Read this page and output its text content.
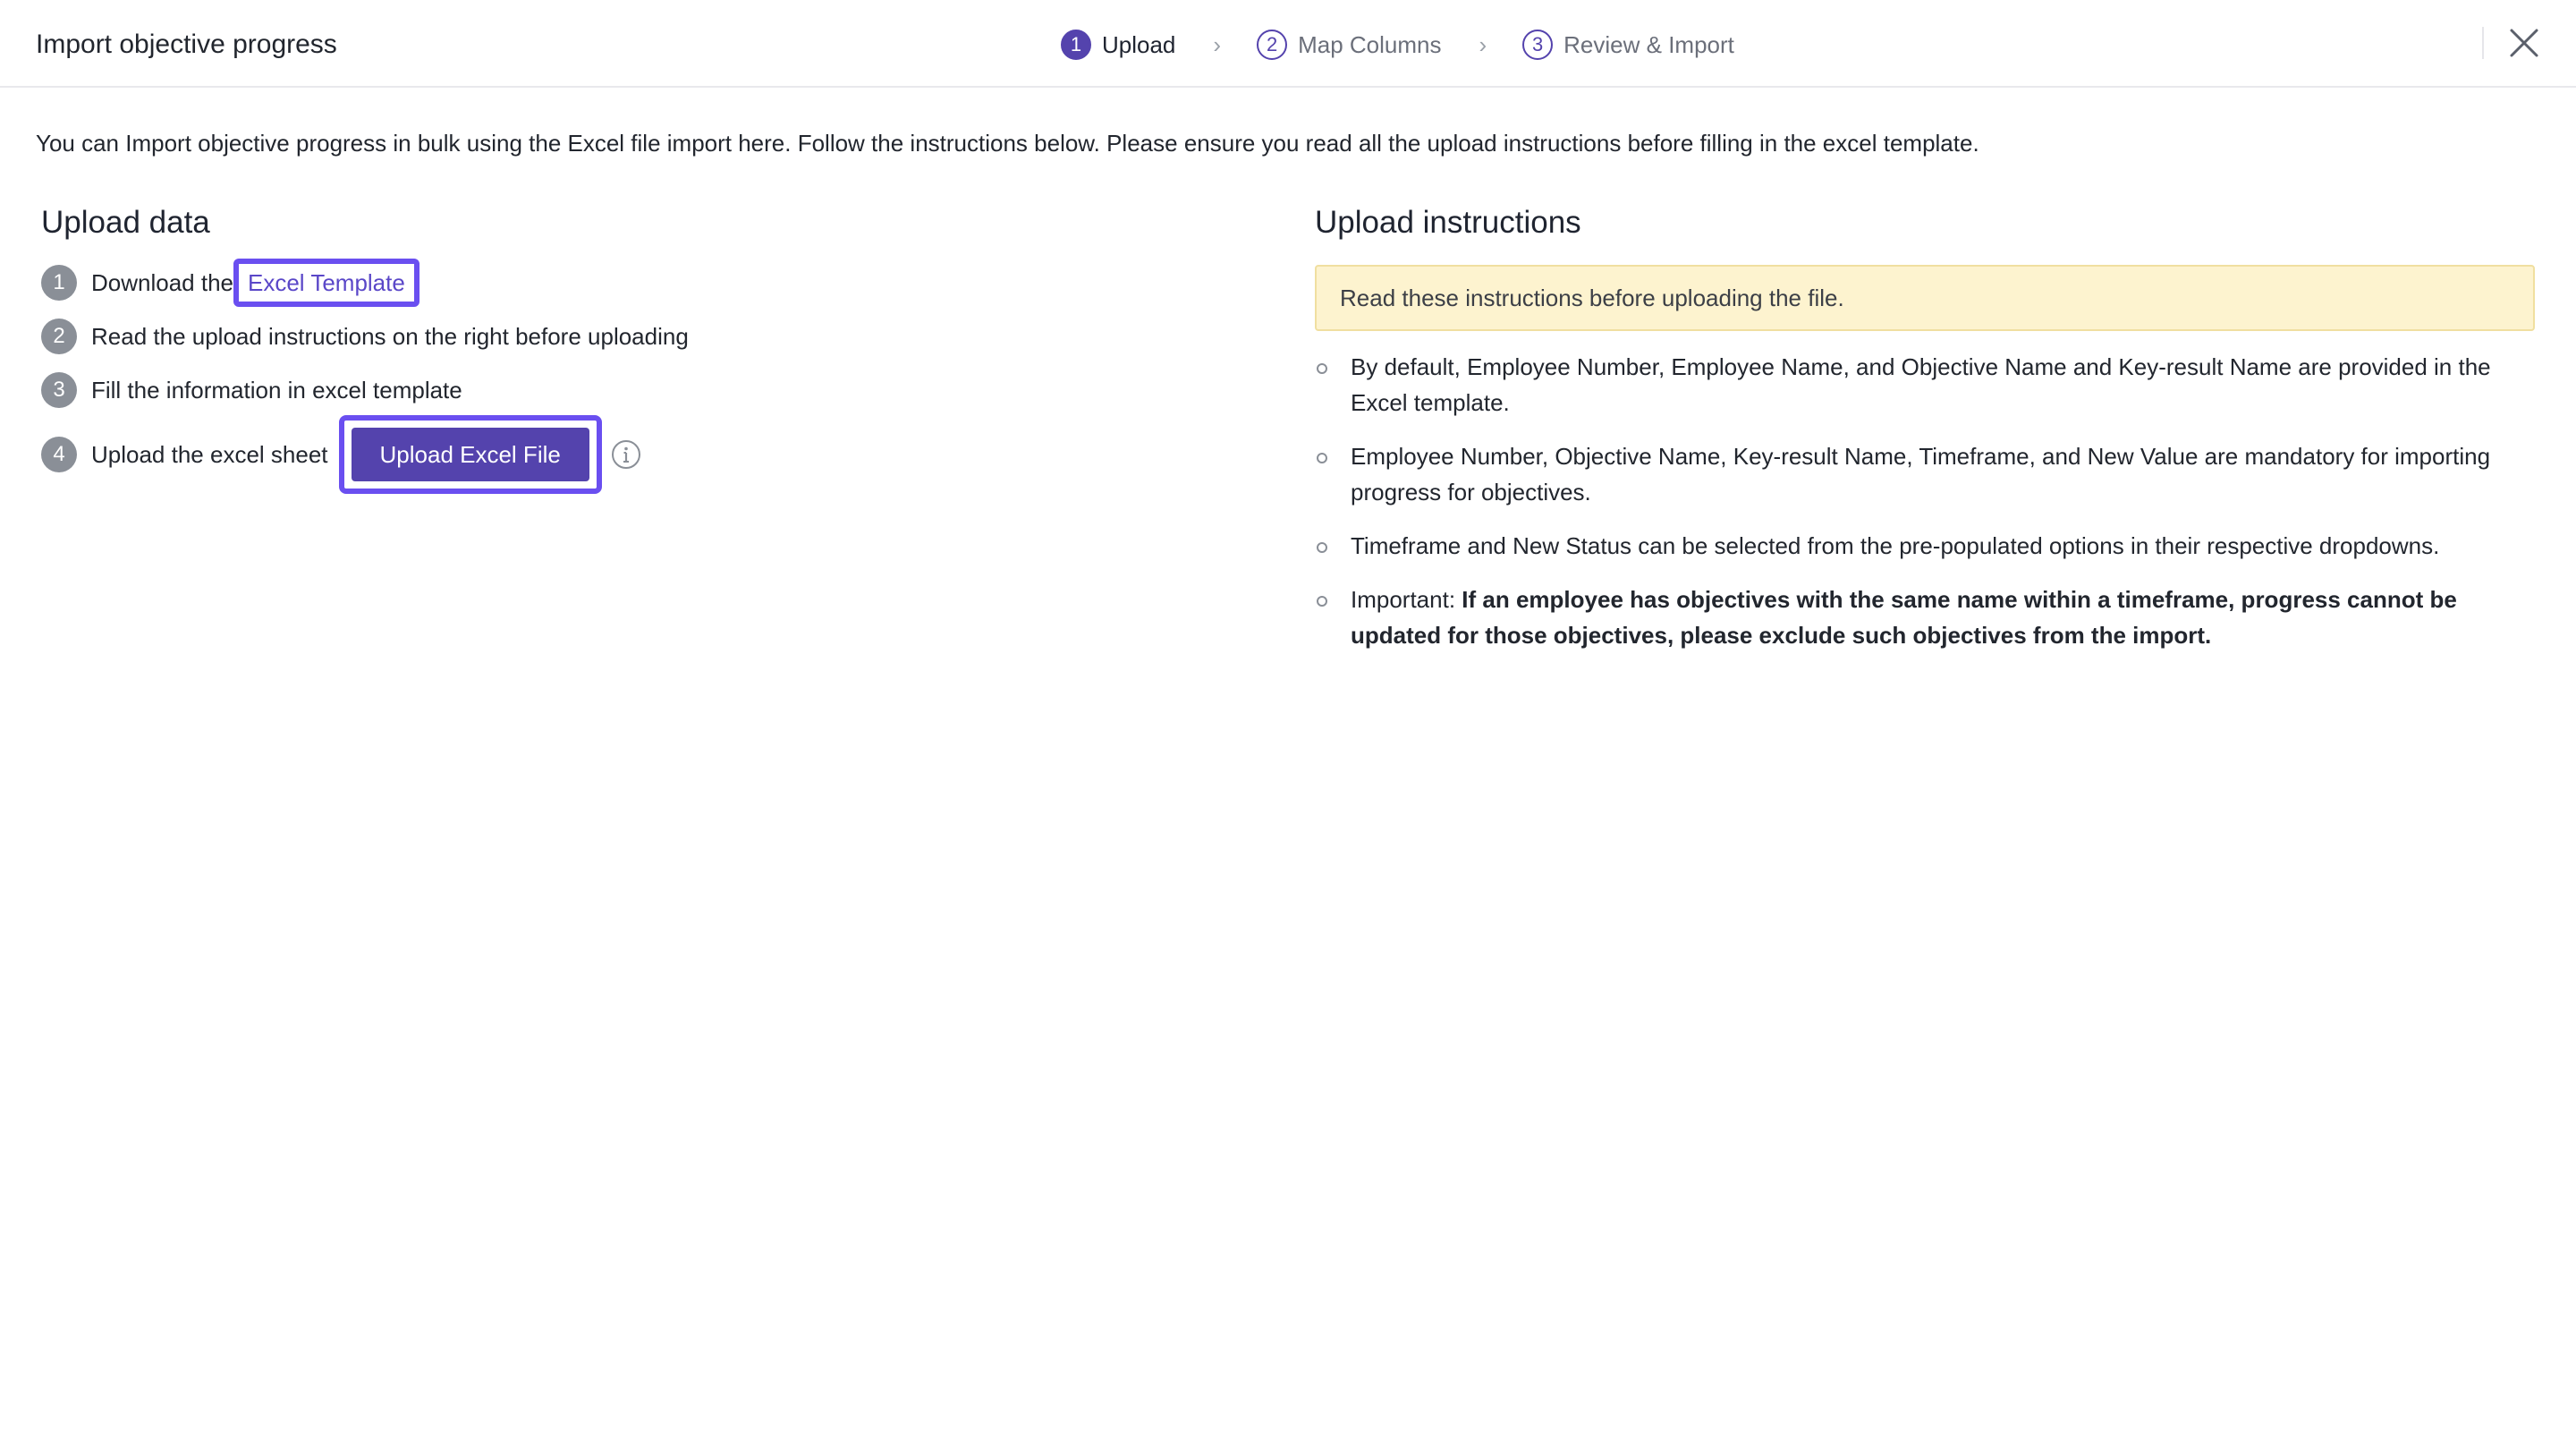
Import objective progress	1 Upload ›	2 Map Columns ›	3 Review & Import
You can Import objective progress in bulk using the Excel file import here. Follow the instructions below. Please ensure you read all the upload instructions before filling in the excel template.
Upload data
1	Download the Excel Template
2	Read the upload instructions on the right before uploading
3	Fill the information in excel template
4	Upload the excel sheet	Upload Excel File
Upload instructions
Read these instructions before uploading the file.
By default, Employee Number, Employee Name, and Objective Name and Key-result Name are provided in the Excel template.
Employee Number, Objective Name, Key-result Name, Timeframe, and New Value are mandatory for importing progress for objectives.
Timeframe and New Status can be selected from the pre-populated options in their respective dropdowns.
Important: If an employee has objectives with the same name within a timeframe, progress cannot be updated for those objectives, please exclude such objectives from the import.
